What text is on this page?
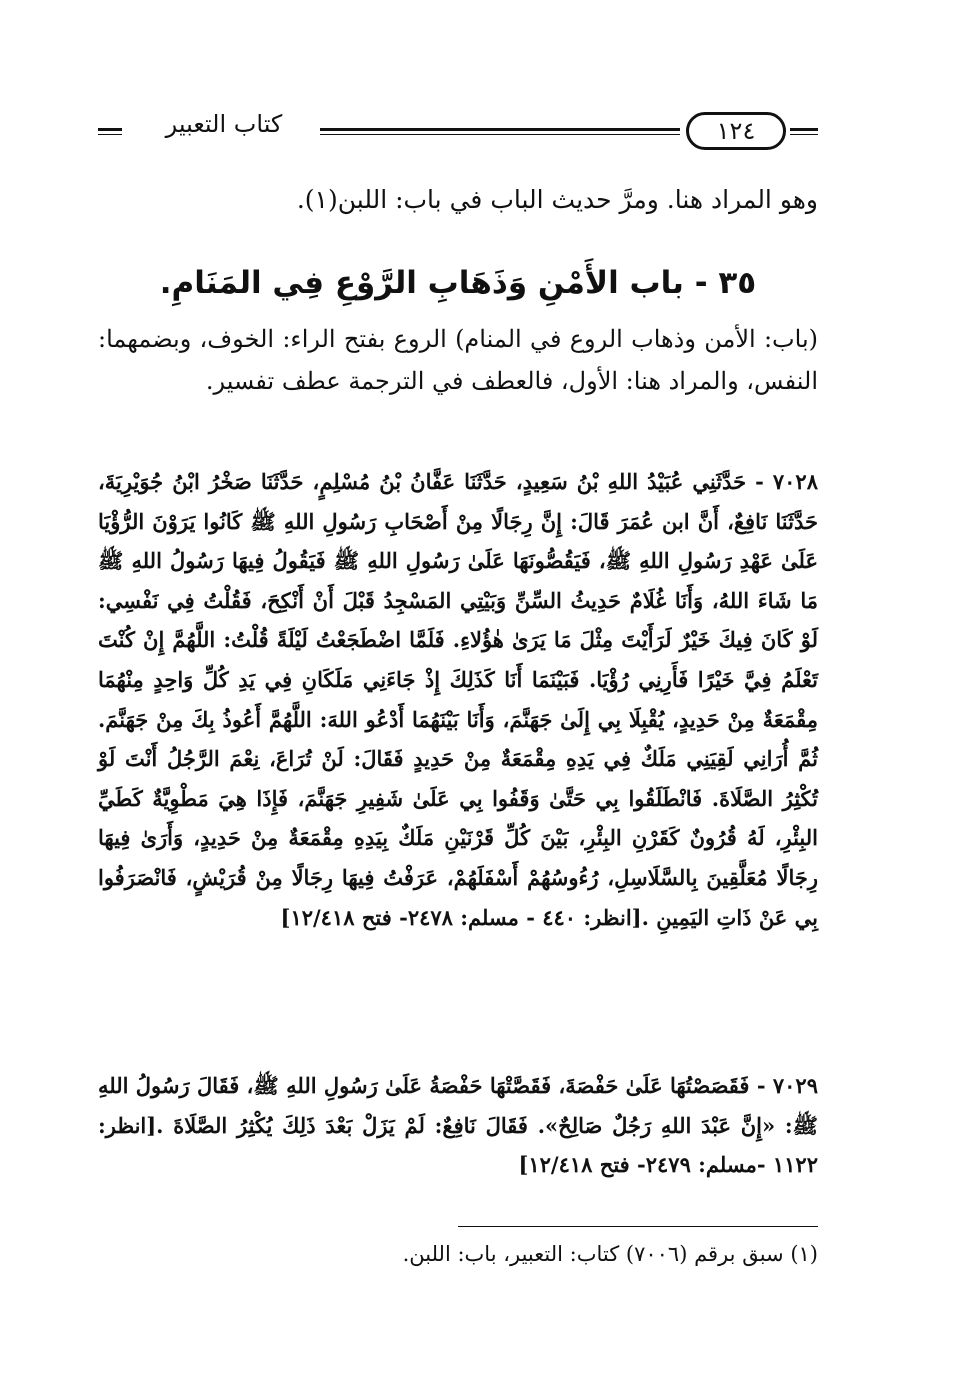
كتاب التعبير	١٢٤

وهو المراد هنا. ومرَّ حديث الباب في باب: اللبن(١).

٣٥ - باب الأَمْنِ وَذَهَابِ الرَّوْعِ فِي المَنَامِ.

(باب: الأمن وذهاب الروع في المنام) الروع بفتح الراء: الخوف، وبضمهما: النفس، والمراد هنا: الأول، فالعطف في الترجمة عطف تفسير.

٧٠٢٨ - حَدَّثَنِي عُبَيْدُ اللهِ بْنُ سَعِيدٍ، حَدَّثَنَا عَفَّانُ بْنُ مُسْلِمٍ، حَدَّثَنَا صَخْرُ ابْنُ جُوَيْرِيَةَ، حَدَّثَنَا نَافِعٌ، أَنَّ ابن عُمَرَ قَالَ: إِنَّ رِجَالًا مِنْ أَصْحَابِ رَسُولِ اللهِ ﷺ كَانُوا يَرَوْنَ الرُّؤْيَا عَلَىٰ عَهْدِ رَسُولِ اللهِ ﷺ، فَيَقُصُّونَهَا عَلَىٰ رَسُولِ اللهِ ﷺ فَيَقُولُ فِيهَا رَسُولُ اللهِ ﷺ مَا شَاءَ اللهُ، وَأَنَا غُلَامٌ حَدِيثُ السِّنِّ وَبَيْتِي المَسْجِدُ قَبْلَ أَنْ أَنْكِحَ، فَقُلْتُ فِي نَفْسِي: لَوْ كَانَ فِيكَ خَيْرٌ لَرَأَيْتَ مِثْلَ مَا يَرَىٰ هٰؤُلاءِ. فَلَمَّا اضْطَجَعْتُ لَيْلَةً قُلْتُ: اللَّهُمَّ إِنْ كُنْتَ تَعْلَمُ فِيَّ خَيْرًا فَأَرِنِي رُؤْيَا. فَبَيْنَمَا أَنَا كَذَلِكَ إِذْ جَاءَنِي مَلَكَانِ فِي يَدِ كُلِّ وَاحِدٍ مِنْهُمَا مِقْمَعَةٌ مِنْ حَدِيدٍ، يُقْبِلَا بِي إِلَىٰ جَهَنَّمَ، وَأَنَا بَيْنَهُمَا أَدْعُو اللهَ: اللَّهُمَّ أَعُوذُ بِكَ مِنْ جَهَنَّمَ. ثُمَّ أُرَانِي لَقِيَنِي مَلَكٌ فِي يَدِهِ مِقْمَعَةٌ مِنْ حَدِيدٍ فَقَالَ: لَنْ تُرَاعَ، نِعْمَ الرَّجُلُ أَنْتَ لَوْ تُكْثِرُ الصَّلَاةَ. فَانْطَلَقُوا بِي حَتَّىٰ وَقَفُوا بِي عَلَىٰ شَفِيرِ جَهَنَّمَ، فَإِذَا هِيَ مَطْوِيَّةٌ كَطَيِّ البِئْرِ، لَهُ قُرُونٌ كَقَرْنِ البِئْرِ، بَيْنَ كُلِّ قَرْنَيْنِ مَلَكٌ بِيَدِهِ مِقْمَعَةٌ مِنْ حَدِيدٍ، وَأَرَىٰ فِيهَا رِجَالًا مُعَلَّقِينَ بِالسَّلَاسِلِ، رُءُوسُهُمْ أَسْفَلَهُمْ، عَرَفْتُ فِيهَا رِجَالًا مِنْ قُرَيْشٍ، فَانْصَرَفُوا بِي عَنْ ذَاتِ اليَمِينِ .[انظر: ٤٤٠ - مسلم: ٢٤٧٨- فتح ١٢/٤١٨]

٧٠٢٩ - فَقَصَصْتُهَا عَلَىٰ حَفْصَةَ، فَقَصَّتْهَا حَفْصَةُ عَلَىٰ رَسُولِ اللهِ ﷺ، فَقَالَ رَسُولُ اللهِ ﷺ: «إِنَّ عَبْدَ اللهِ رَجُلٌ صَالِحٌ». فَقَالَ نَافِعٌ: لَمْ يَزَلْ بَعْدَ ذَلِكَ يُكْثِرُ الصَّلَاةَ .[انظر: ١١٢٢ -مسلم: ٢٤٧٩- فتح ١٢/٤١٨]

(١) سبق برقم (٧٠٠٦) كتاب: التعبير، باب: اللبن.
